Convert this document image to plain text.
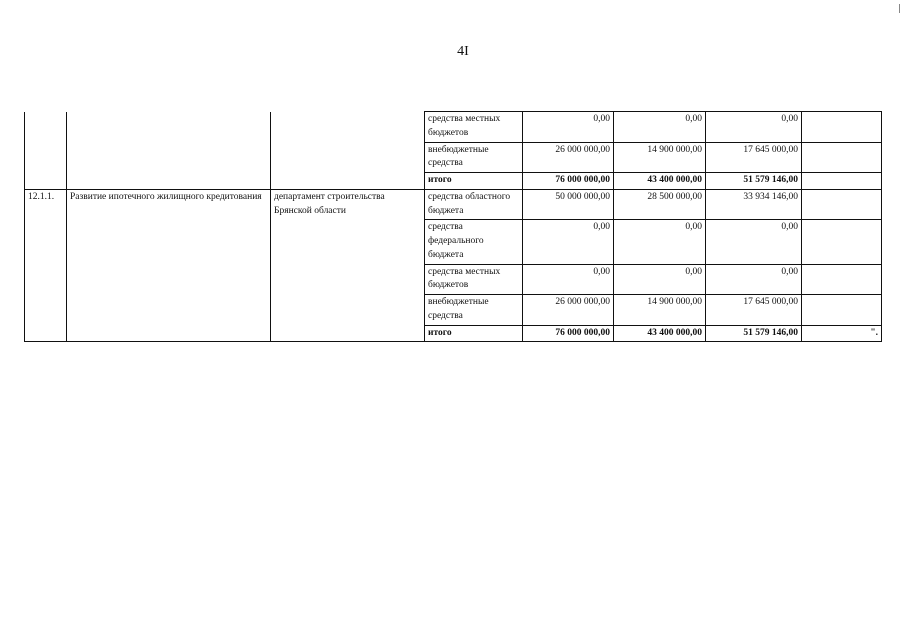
4I
			средства местных бюджетов	0,00	0,00	0,00	
			внебюджетные средства	26 000 000,00	14 900 000,00	17 645 000,00	
			итого	76 000 000,00	43 400 000,00	51 579 146,00	
12.1.1.	Развитие ипотечного жилищного кредитования	департамент строительства Брянской области	средства областного бюджета	50 000 000,00	28 500 000,00	33 934 146,00	
			средства федерального бюджета	0,00	0,00	0,00	
			средства местных бюджетов	0,00	0,00	0,00	
			внебюджетные средства	26 000 000,00	14 900 000,00	17 645 000,00	
			итого	76 000 000,00	43 400 000,00	51 579 146,00	".
